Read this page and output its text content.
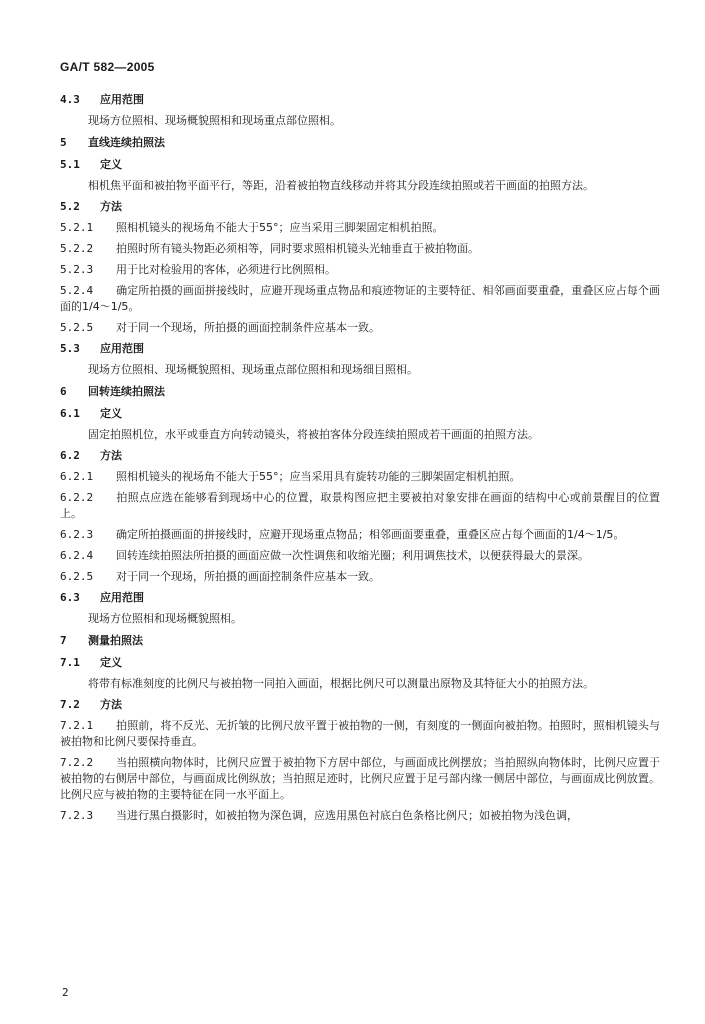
GA/T 582—2005
4.3 应用范围
现场方位照相、现场概貌照相和现场重点部位照相。
5 直线连续拍照法
5.1 定义
相机焦平面和被拍物平面平行，等距，沿着被拍物直线移动并将其分段连续拍照或若干画面的拍照方法。
5.2 方法
5.2.1 照相机镜头的视场角不能大于55°；应当采用三脚架固定相机拍照。
5.2.2 拍照时所有镜头物距必须相等，同时要求照相机镜头光轴垂直于被拍物面。
5.2.3 用于比对检验用的客体，必须进行比例照相。
5.2.4 确定所拍摄的画面拼接线时，应避开现场重点物品和痕迹物证的主要特征、相邻画面要重叠，重叠区应占每个画面的1/4～1/5。
5.2.5 对于同一个现场，所拍摄的画面控制条件应基本一致。
5.3 应用范围
现场方位照相、现场概貌照相、现场重点部位照相和现场细目照相。
6 回转连续拍照法
6.1 定义
固定拍照机位，水平或垂直方向转动镜头，将被拍客体分段连续拍照成若干画面的拍照方法。
6.2 方法
6.2.1 照相机镜头的视场角不能大于55°；应当采用具有旋转功能的三脚架固定相机拍照。
6.2.2 拍照点应选在能够看到现场中心的位置，取景构图应把主要被拍对象安排在画面的结构中心或前景醒目的位置上。
6.2.3 确定所拍摄画面的拼接线时，应避开现场重点物品；相邻画面要重叠，重叠区应占每个画面的1/4～1/5。
6.2.4 回转连续拍照法所拍摄的画面应做一次性调焦和收缩光圈；利用调焦技术，以便获得最大的景深。
6.2.5 对于同一个现场，所拍摄的画面控制条件应基本一致。
6.3 应用范围
现场方位照相和现场概貌照相。
7 测量拍照法
7.1 定义
将带有标准刻度的比例尺与被拍物一同拍入画面，根据比例尺可以测量出原物及其特征大小的拍照方法。
7.2 方法
7.2.1 拍照前，将不反光、无折皱的比例尺放平置于被拍物的一侧，有刻度的一侧面向被拍物。拍照时，照相机镜头与被拍物和比例尺要保持垂直。
7.2.2 当拍照横向物体时，比例尺应置于被拍物下方居中部位，与画面成比例摆放；当拍照纵向物体时，比例尺应置于被拍物的右侧居中部位，与画面成比例纵放；当拍照足迹时，比例尺应置于足弓部内缘一侧居中部位，与画面成比例放置。比例尺应与被拍物的主要特征在同一水平面上。
7.2.3 当进行黑白摄影时，如被拍物为深色调，应选用黑色衬底白色条格比例尺；如被拍物为浅色调，
2
